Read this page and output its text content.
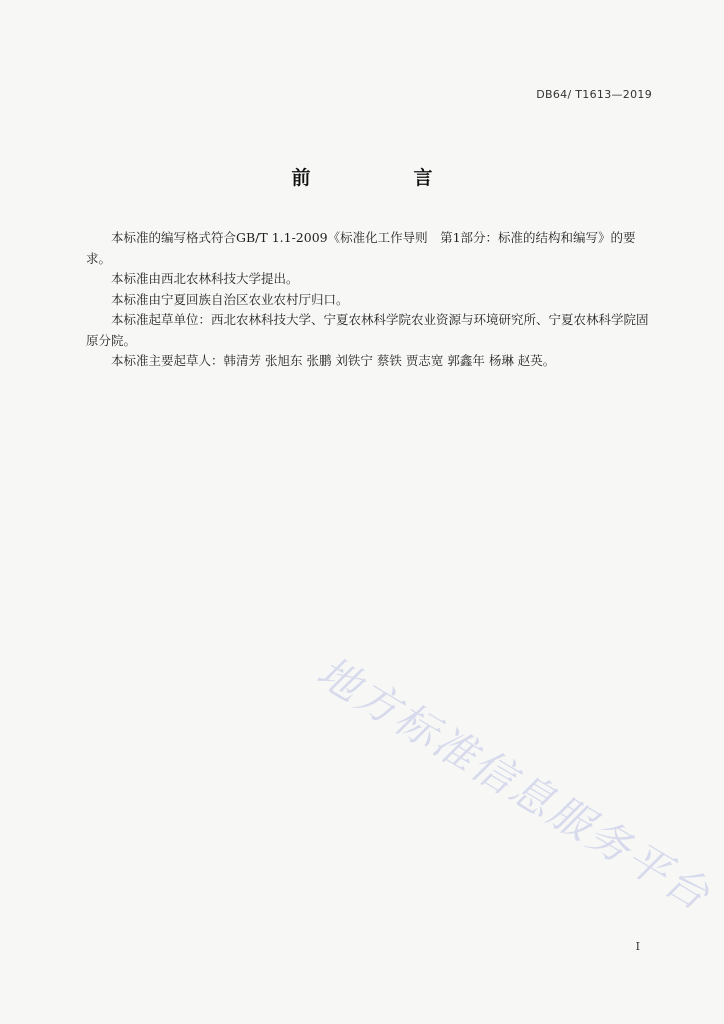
DB64/ T1613—2019
前　言

本标准的编写格式符合GB/T 1.1-2009《标准化工作导则　第1部分：标准的结构和编写》的要求。

本标准由西北农林科技大学提出。

本标准由宁夏回族自治区农业农村厅归口。

本标准起草单位：西北农林科技大学、宁夏农林科学院农业资源与环境研究所、宁夏农林科学院固原分院。

本标准主要起草人：韩清芳 张旭东 张鹏 刘铁宁 蔡铁 贾志宽 郭鑫年 杨琳 赵英。

地方标准信息服务平台
I
